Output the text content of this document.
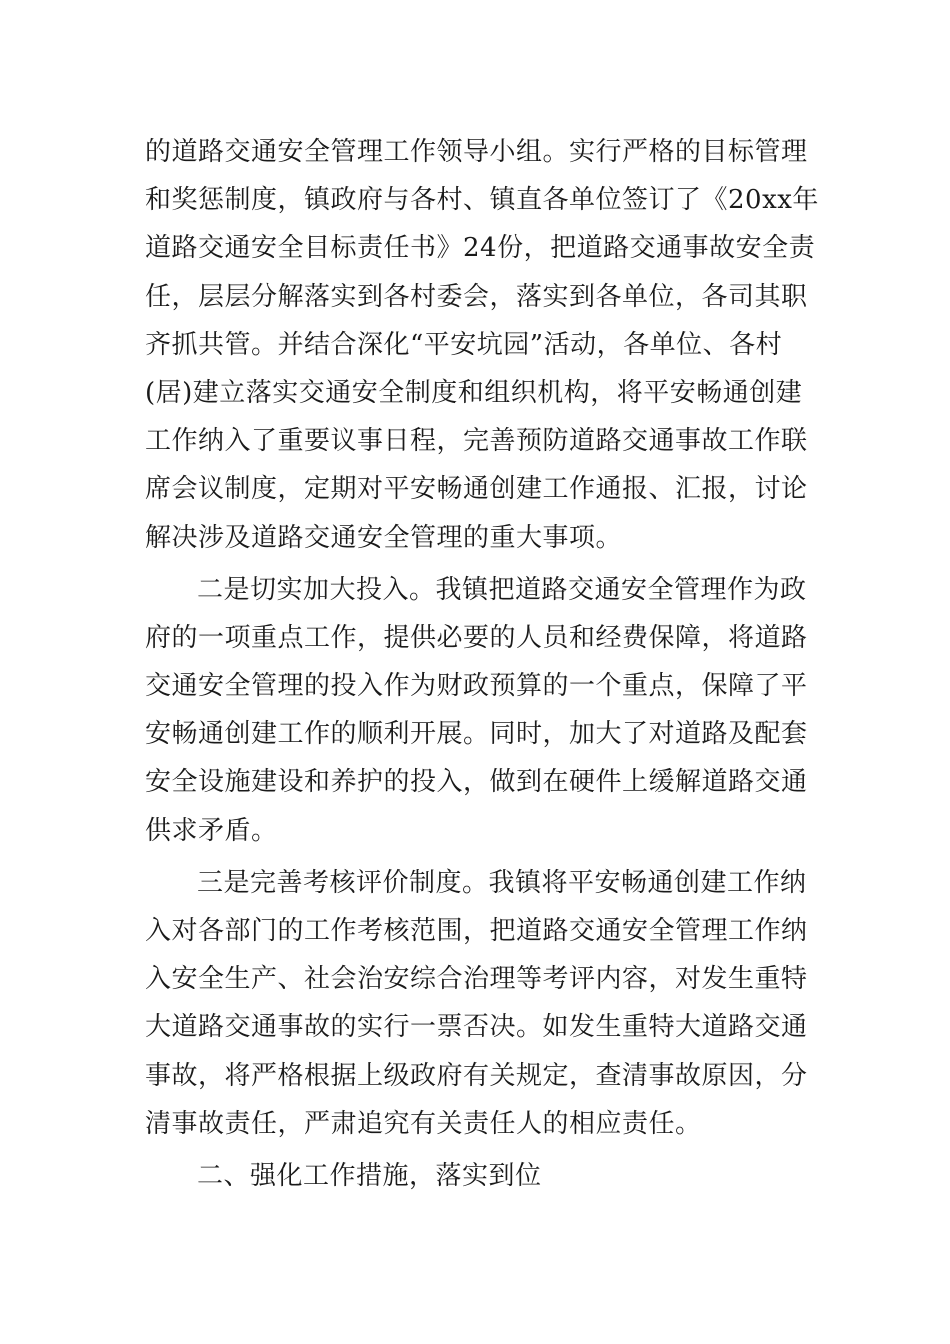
的道路交通安全管理工作领导小组。实行严格的目标管理
和奖惩制度，镇政府与各村、镇直各单位签订了《20xx年
道路交通安全目标责任书》24份，把道路交通事故安全责
任，层层分解落实到各村委会，落实到各单位，各司其职
齐抓共管。并结合深化“平安坑园”活动，各单位、各村
(居)建立落实交通安全制度和组织机构，将平安畅通创建
工作纳入了重要议事日程，完善预防道路交通事故工作联
席会议制度，定期对平安畅通创建工作通报、汇报，讨论
解决涉及道路交通安全管理的重大事项。
二是切实加大投入。我镇把道路交通安全管理作为政
府的一项重点工作，提供必要的人员和经费保障，将道路
交通安全管理的投入作为财政预算的一个重点，保障了平
安畅通创建工作的顺利开展。同时，加大了对道路及配套
安全设施建设和养护的投入，做到在硬件上缓解道路交通
供求矛盾。
三是完善考核评价制度。我镇将平安畅通创建工作纳
入对各部门的工作考核范围，把道路交通安全管理工作纳
入安全生产、社会治安综合治理等考评内容，对发生重特
大道路交通事故的实行一票否决。如发生重特大道路交通
事故，将严格根据上级政府有关规定，查清事故原因，分
清事故责任，严肃追究有关责任人的相应责任。
二、强化工作措施，落实到位
